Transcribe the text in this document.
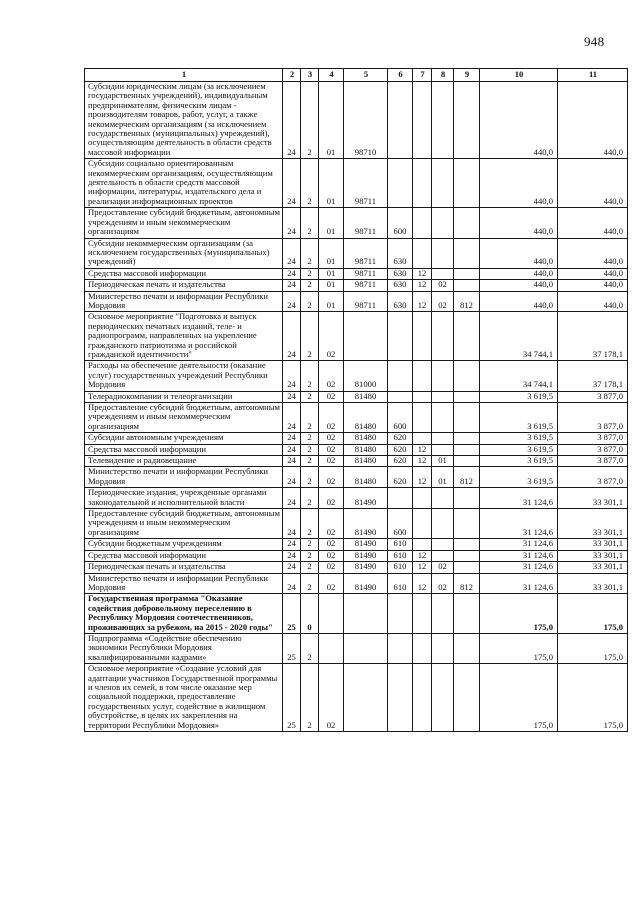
948
1	2	3	4	5	6	7	8	9	10	11
Субсидии юридическим лицам (за исключением государственных учреждений), индивидуальным предпринимателям, физическим лицам - производителям товаров, работ, услуг, а также некоммерческим организациям (за исключением государственных (муниципальных) учреждений), осуществляющим деятельность в области средств массовой информации	24	2	01	98710					440,0	440,0
Субсидии социально ориентированным некоммерческим организациям, осуществляющим деятельность в области средств массовой информации, литературы, издательского дела и реализации информационных проектов	24	2	01	98711					440,0	440,0
Предоставление субсидий бюджетным, автономным учреждениям и иным некоммерческим организациям	24	2	01	98711	600				440,0	440,0
Субсидии некоммерческим организациям (за исключением государственных (муниципальных) учреждений)	24	2	01	98711	630				440,0	440,0
Средства массовой информации	24	2	01	98711	630	12			440,0	440,0
Периодическая печать и издательства	24	2	01	98711	630	12	02		440,0	440,0
Министерство печати и информации Республики Мордовия	24	2	01	98711	630	12	02	812	440,0	440,0
Основное мероприятие "Подготовка и выпуск периодических печатных изданий, теле- и радиопрограмм, направленных на укрепление гражданского патриотизма и российской гражданской идентичности"	24	2	02						34 744,1	37 178,1
Расходы на обеспечение деятельности (оказание услуг) государственных учреждений Республики Мордовия	24	2	02	81000					34 744,1	37 178,1
Телерадиокомпании и телеорганизации	24	2	02	81480					3 619,5	3 877,0
Предоставление субсидий бюджетным, автономным учреждениям и иным некоммерческим организациям	24	2	02	81480	600				3 619,5	3 877,0
Субсидии автономным учреждениям	24	2	02	81480	620				3 619,5	3 877,0
Средства массовой информации	24	2	02	81480	620	12			3 619,5	3 877,0
Телевидение и радиовещание	24	2	02	81480	620	12	01		3 619,5	3 877,0
Министерство печати и информации Республики Мордовия	24	2	02	81480	620	12	01	812	3 619,5	3 877,0
Периодические издания, учрежденные органами законодательной и исполнительной власти	24	2	02	81490					31 124,6	33 301,1
Предоставление субсидий бюджетным, автономным учреждениям и иным некоммерческим организациям	24	2	02	81490	600				31 124,6	33 301,1
Субсидии бюджетным учреждениям	24	2	02	81490	610				31 124,6	33 301,1
Средства массовой информации	24	2	02	81490	610	12			31 124,6	33 301,1
Периодическая печать и издательства	24	2	02	81490	610	12	02		31 124,6	33 301,1
Министерство печати и информации Республики Мордовия	24	2	02	81490	610	12	02	812	31 124,6	33 301,1
Государственная программа "Оказание содействия добровольному переселению в Республику Мордовия соотечественников, проживающих за рубежом, на 2015 - 2020 годы"	25	0							175,0	175,0
Подпрограмма «Содействие обеспечению экономики Республики Мордовия квалифицированными кадрами»	25	2							175,0	175,0
Основное мероприятие «Создание условий для адаптации участников Государственной программы и членов их семей, в том числе оказание мер социальной поддержки, предоставление государственных услуг, содействие в жилищном обустройстве, в целях их закрепления на территории Республики Мордовия»	25	2	02						175,0	175,0
